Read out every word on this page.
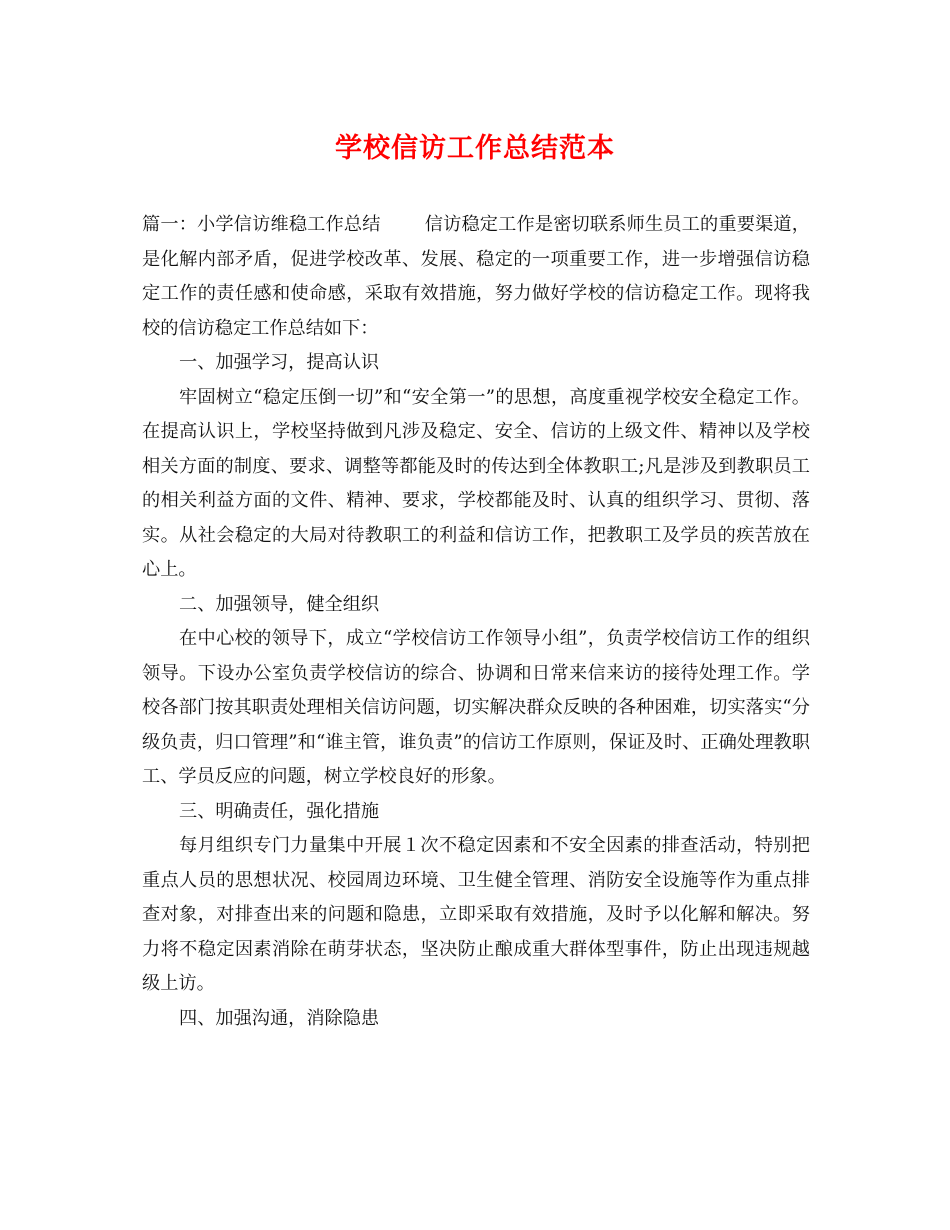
学校信访工作总结范本

篇一：小学信访维稳工作总结 信访稳定工作是密切联系师生员工的重要渠道，是化解内部矛盾，促进学校改革、发展、稳定的一项重要工作，进一步增强信访稳定工作的责任感和使命感，采取有效措施，努力做好学校的信访稳定工作。现将我校的信访稳定工作总结如下：

一、加强学习，提高认识

牢固树立“稳定压倒一切”和“安全第一”的思想，高度重视学校安全稳定工作。在提高认识上，学校坚持做到凡涉及稳定、安全、信访的上级文件、精神以及学校相关方面的制度、要求、调整等都能及时的传达到全体教职工;凡是涉及到教职员工的相关利益方面的文件、精神、要求，学校都能及时、认真的组织学习、贯彻、落实。从社会稳定的大局对待教职工的利益和信访工作，把教职工及学员的疾苦放在心上。

二、加强领导，健全组织

在中心校的领导下，成立“学校信访工作领导小组”，负责学校信访工作的组织领导。下设办公室负责学校信访的综合、协调和日常来信来访的接待处理工作。学校各部门按其职责处理相关信访问题，切实解决群众反映的各种困难，切实落实“分级负责，归口管理”和“谁主管，谁负责”的信访工作原则，保证及时、正确处理教职工、学员反应的问题，树立学校良好的形象。

三、明确责任，强化措施

每月组织专门力量集中开展１次不稳定因素和不安全因素的排查活动，特别把重点人员的思想状况、校园周边环境、卫生健全管理、消防安全设施等作为重点排查对象，对排查出来的问题和隐患，立即采取有效措施，及时予以化解和解决。努力将不稳定因素消除在萌芽状态，坚决防止酿成重大群体型事件，防止出现违规越级上访。

四、加强沟通，消除隐患
